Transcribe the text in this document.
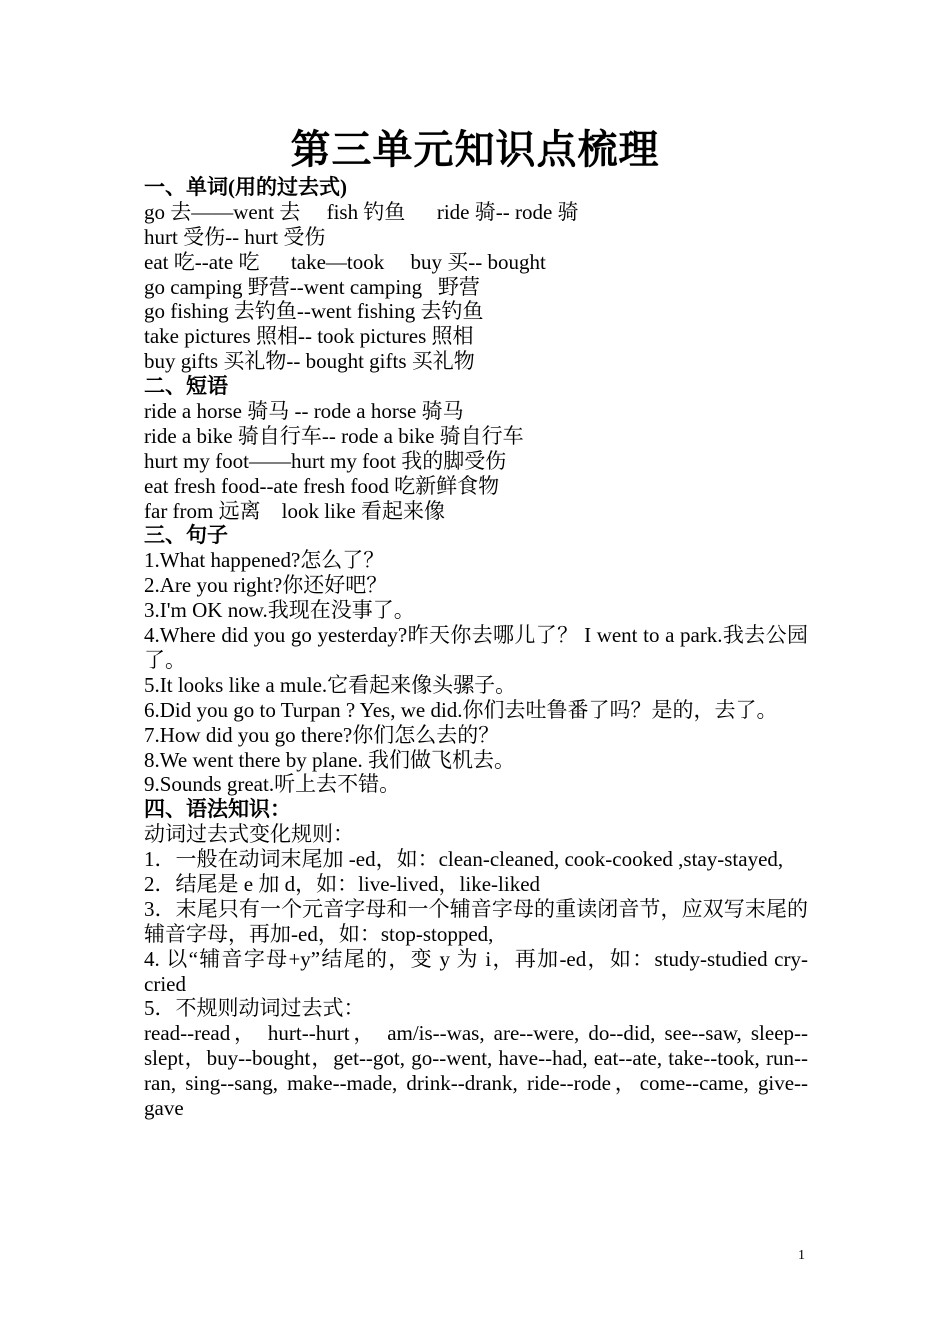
第三单元知识点梳理
一、单词(用的过去式)
go 去——went 去     fish 钓鱼      ride 骑-- rode 骑
hurt 受伤-- hurt 受伤
eat 吃--ate 吃      take—took     buy 买-- bought
go camping 野营--went camping   野营
go fishing 去钓鱼--went fishing 去钓鱼
take pictures 照相-- took pictures 照相
buy gifts 买礼物-- bought gifts 买礼物
二、短语
ride a horse 骑马 -- rode a horse 骑马
ride a bike 骑自行车-- rode a bike 骑自行车
hurt my foot——hurt my foot 我的脚受伤
eat fresh food--ate fresh food 吃新鲜食物
far from 远离    look like 看起来像
三、句子
1.What happened?怎么了？
2.Are you right?你还好吧？
3.I'm OK now.我现在没事了。
4.Where did you go yesterday?昨天你去哪儿了？ I went to a park.我去公园了。
5.It looks like a mule.它看起来像头骡子。
6.Did you go to Turpan ? Yes, we did.你们去吐鲁番了吗？是的，去了。
7.How did you go there?你们怎么去的？
8.We went there by plane. 我们做飞机去。
9.Sounds great.听上去不错。
四、语法知识：
动词过去式变化规则：
1．一般在动词末尾加 -ed，如：clean-cleaned, cook-cooked ,stay-stayed,
2．结尾是 e 加 d，如：live-lived，like-liked
3．末尾只有一个元音字母和一个辅音字母的重读闭音节，应双写末尾的辅音字母，再加-ed，如：stop-stopped,
4. 以“辅音字母+y”结尾的，变 y 为 i，再加-ed，如：study-studied cry-cried
5．不规则动词过去式：
read--read， hurt--hurt， am/is--was, are--were, do--did, see--saw, sleep--slept，buy--bought，get--got, go--went, have--had, eat--ate, take--took, run--ran, sing--sang, make--made, drink--drank, ride--rode，come--came, give--gave
1
